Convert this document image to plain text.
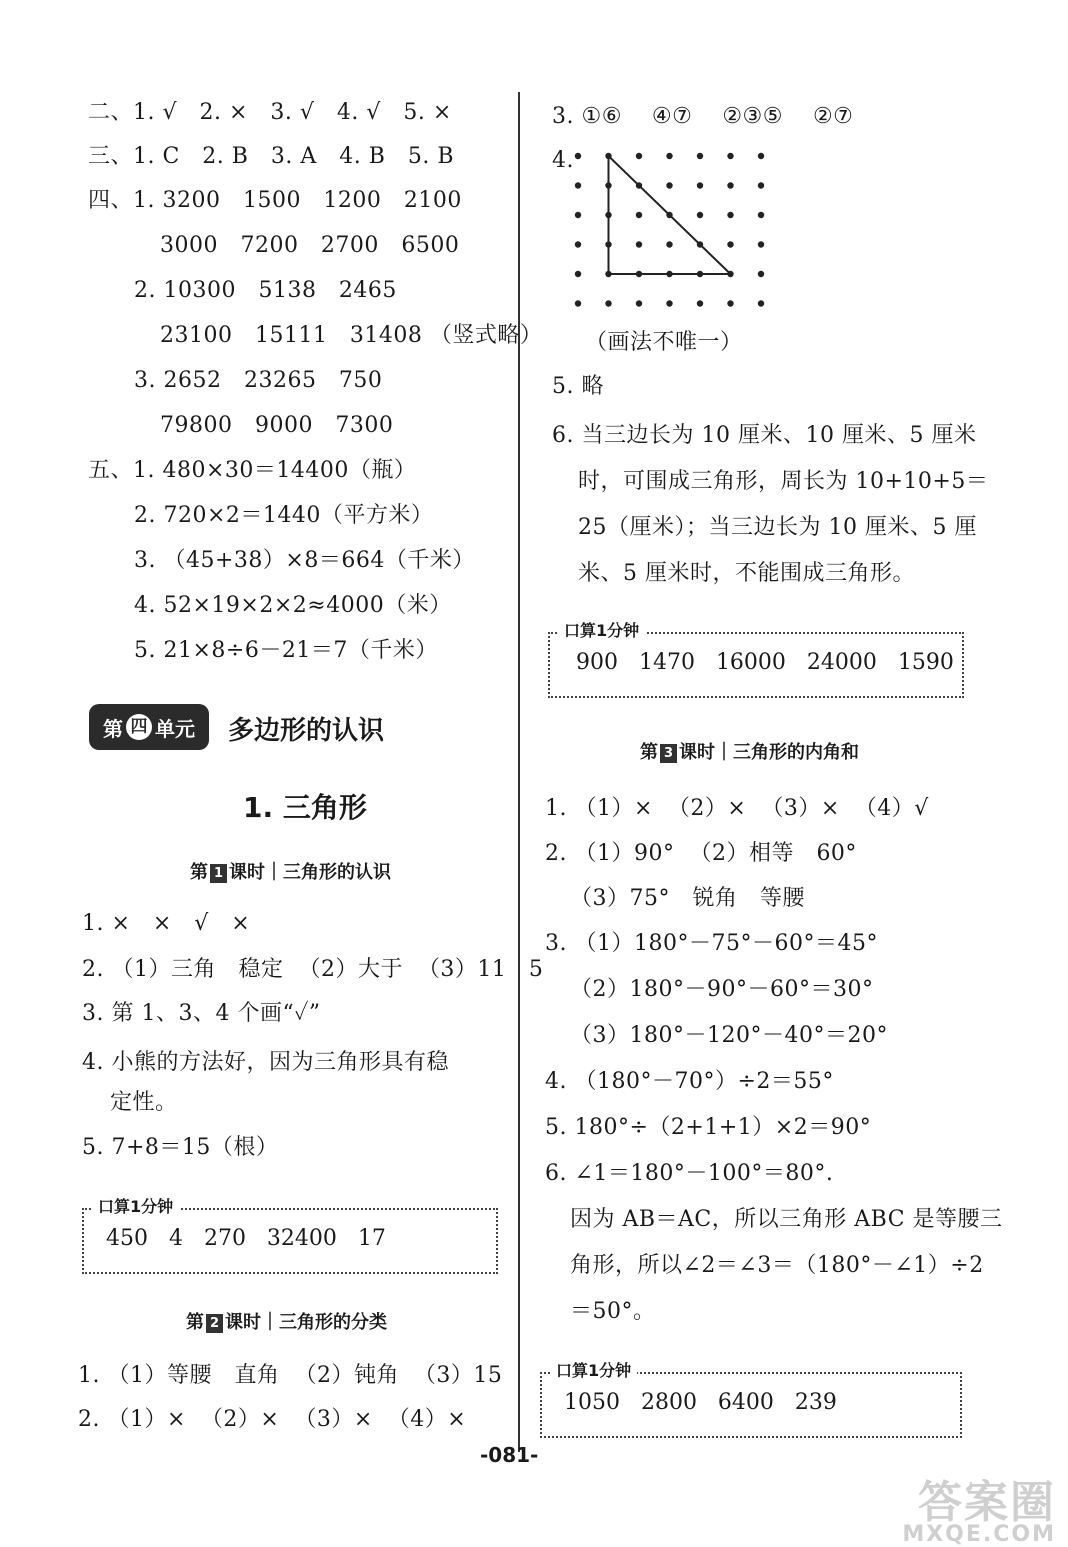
二、1. √   2. ×   3. √   4. √   5. ×
三、1. C   2. B   3. A   4. B   5. B
四、1. 3200   1500   1200   2100
3000   7200   2700   6500
2. 10300   5138   2465
23100   15111   31408 （竖式略）
3. 2652   23265   750
79800   9000   7300
五、1. 480×30＝14400（瓶）
2. 720×2＝1440（平方米）
3. （45+38）×8＝664（千米）
4. 52×19×2×2≈4000（米）
5. 21×8÷6－21＝7（千米）
第 四 单元 多边形的认识
1. 三角形
第 1 课时｜三角形的认识
1. ×   ×   √   ×
2. （1）三角   稳定  （2）大于  （3）11   5
3. 第 1、3、4 个画“✓”
4. 小熊的方法好，因为三角形具有稳
定性。
5. 7+8＝15（根）
口算1分钟
450   4   270   32400   17
第 2 课时｜三角形的分类
1. （1）等腰   直角  （2）钝角  （3）15
2. （1）×  （2）×  （3）×  （4）×
3. ①⑥    ④⑦    ②③⑤    ②⑦
4.
（画法不唯一）
5. 略
6. 当三边长为 10 厘米、10 厘米、5 厘米
时，可围成三角形，周长为 10+10+5＝
25（厘米）；当三边长为 10 厘米、5 厘
米、5 厘米时，不能围成三角形。
口算1分钟
900   1470   16000   24000   1590
第 3 课时｜三角形的内角和
1. （1）×  （2）×  （3）×  （4）√
2. （1）90°  （2）相等   60°
（3）75°   锐角   等腰
3. （1）180°－75°－60°＝45°
（2）180°－90°－60°＝30°
（3）180°－120°－40°＝20°
4. （180°－70°）÷2＝55°
5. 180°÷（2+1+1）×2＝90°
6. ∠1＝180°－100°＝80°.
因为 AB＝AC，所以三角形 ABC 是等腰三
角形，所以∠2＝∠3＝（180°－∠1）÷2
＝50°。
口算1分钟
1050   2800   6400   239
-081-
答案圈
MXQE.COM
